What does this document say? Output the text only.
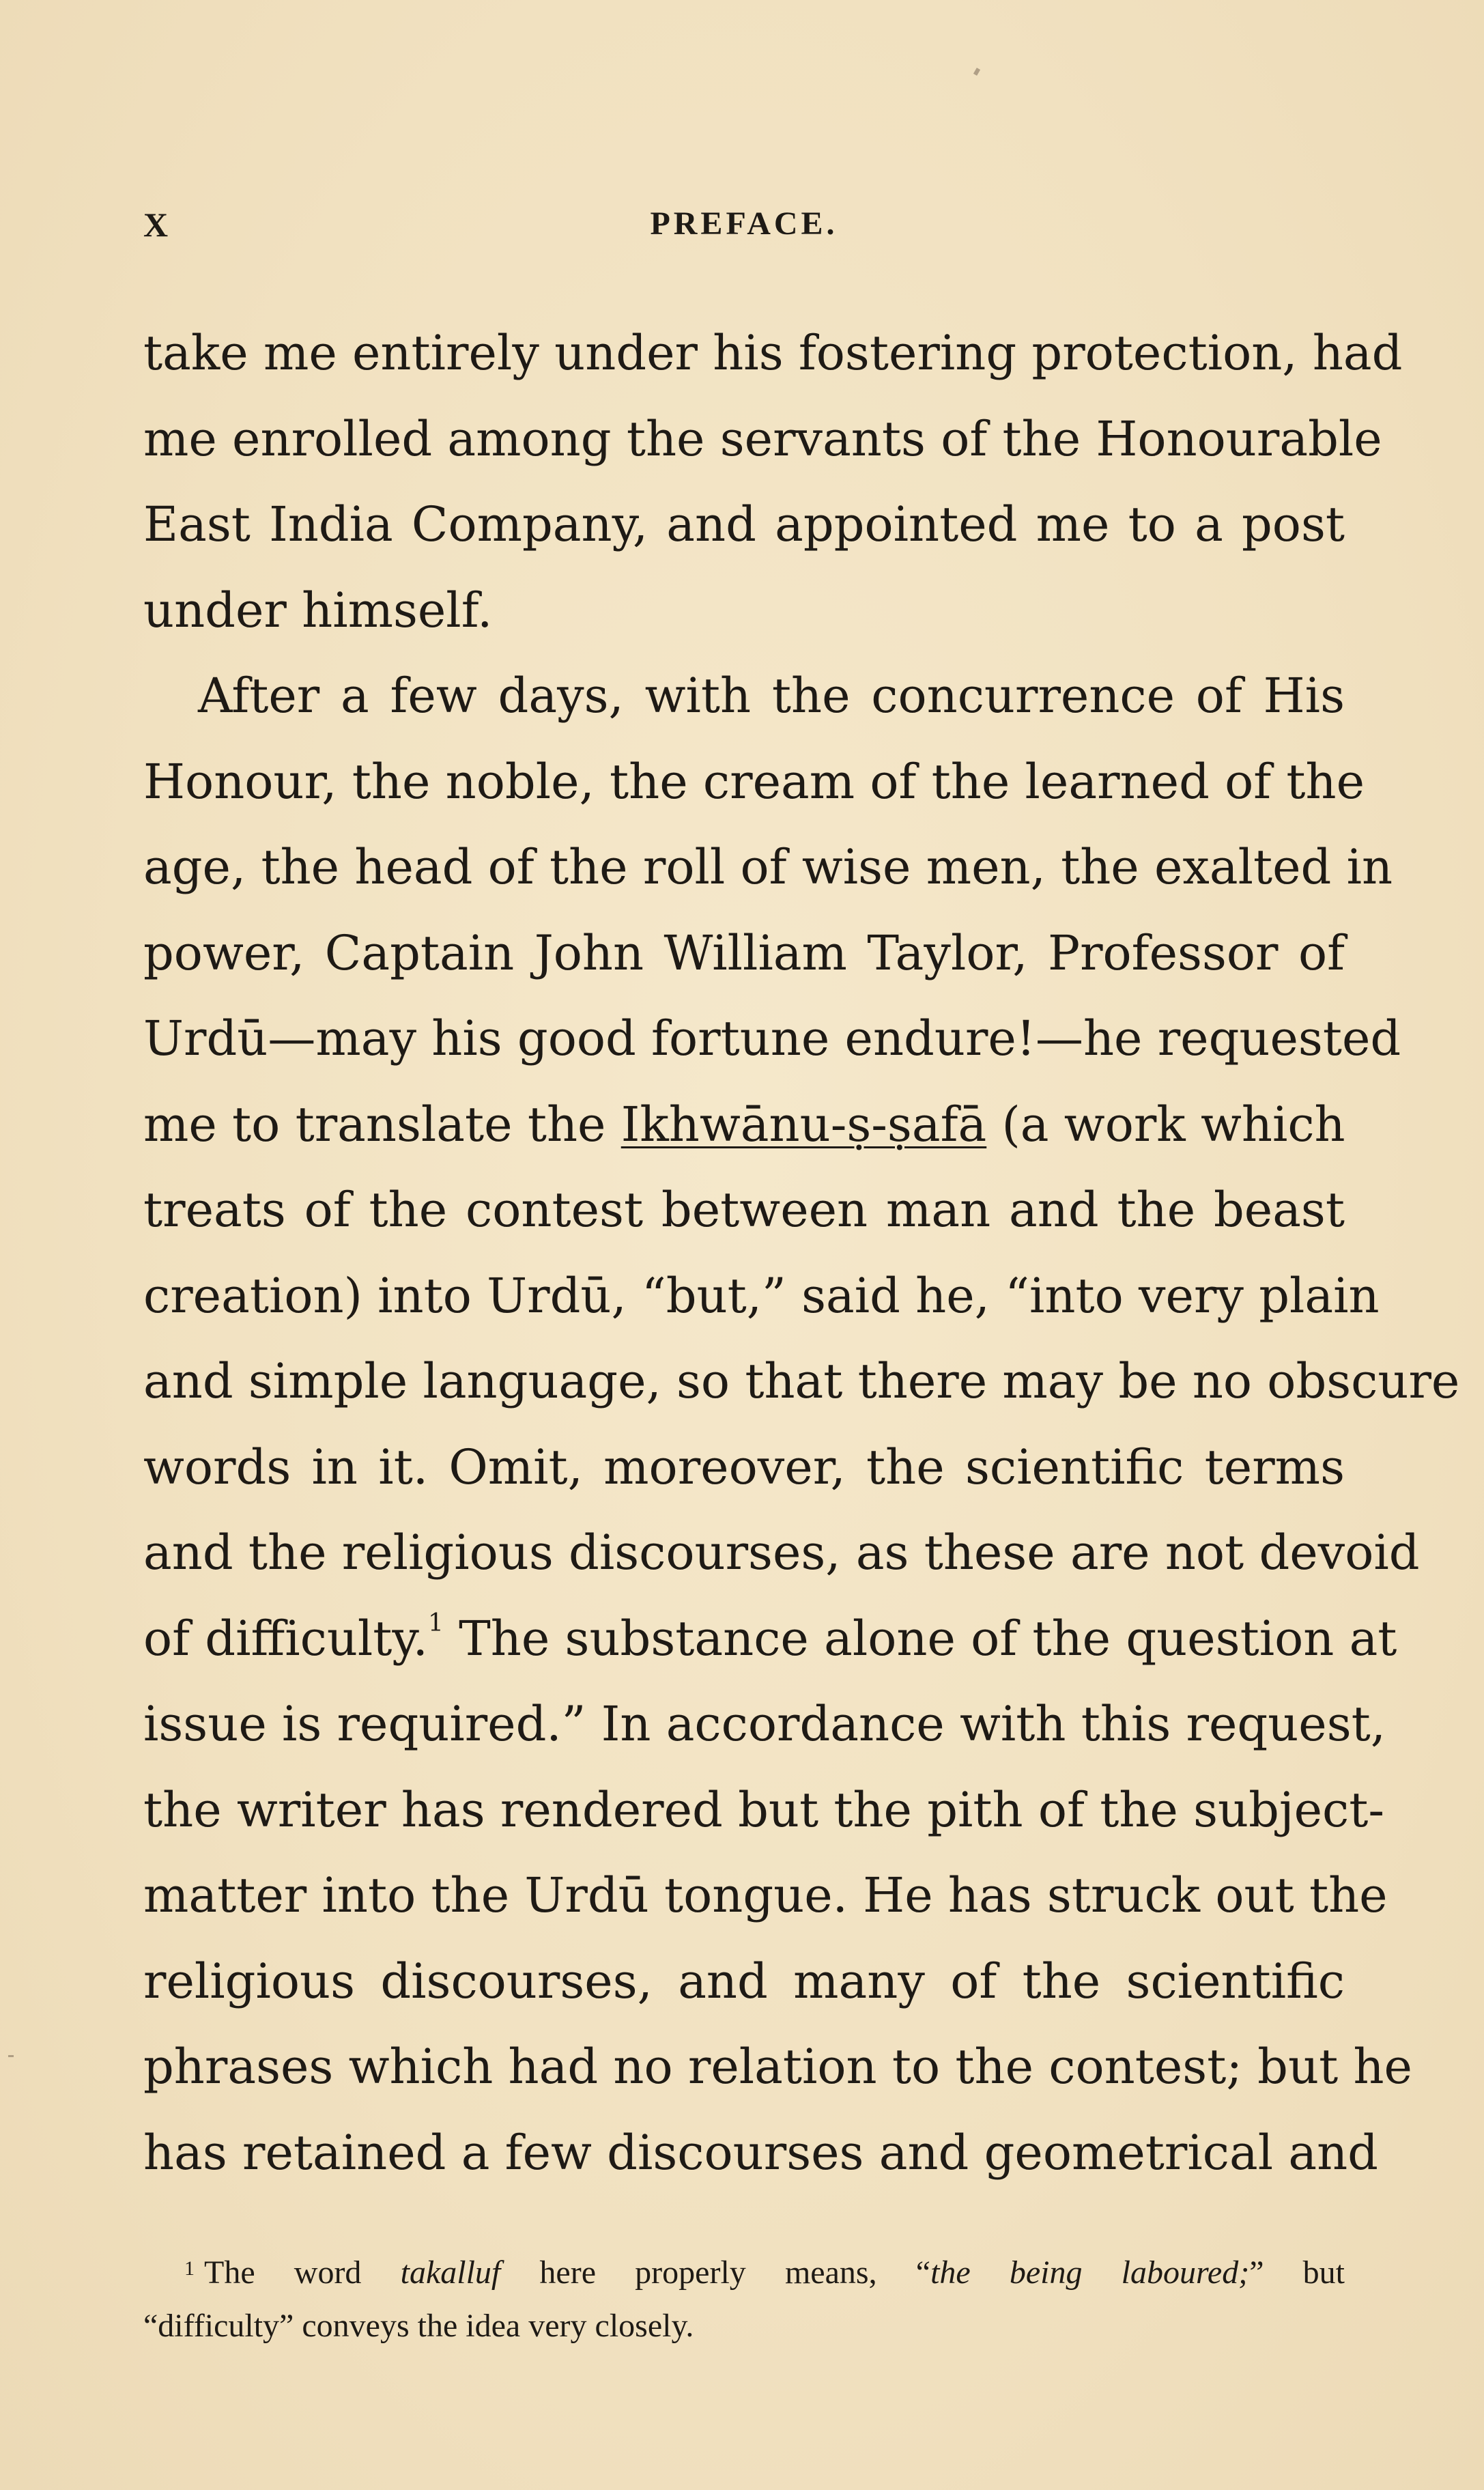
X	PREFACE.
take me entirely under his fostering protection, had
me enrolled among the servants of the Honourable
East India Company, and appointed me to a post
under himself.
After a few days, with the concurrence of His
Honour, the noble, the cream of the learned of the
age, the head of the roll of wise men, the exalted in
power, Captain John William Taylor, Professor of
Urdū—may his good fortune endure!—he requested
me to translate the Ikhwānu-ṣ-ṣafā (a work which
treats of the contest between man and the beast
creation) into Urdū, “but,” said he, “into very plain
and simple language, so that there may be no obscure
words in it. Omit, moreover, the scientific terms
and the religious discourses, as these are not devoid
of difficulty.$^1$ The substance alone of the question at
issue is required.” In accordance with this request,
the writer has rendered but the pith of the subject-
matter into the Urdū tongue. He has struck out the
religious discourses, and many of the scientific
phrases which had no relation to the contest; but he
has retained a few discourses and geometrical and
$^1$ The word takalluf here properly means, “the being laboured;” but
“difficulty” conveys the idea very closely.
